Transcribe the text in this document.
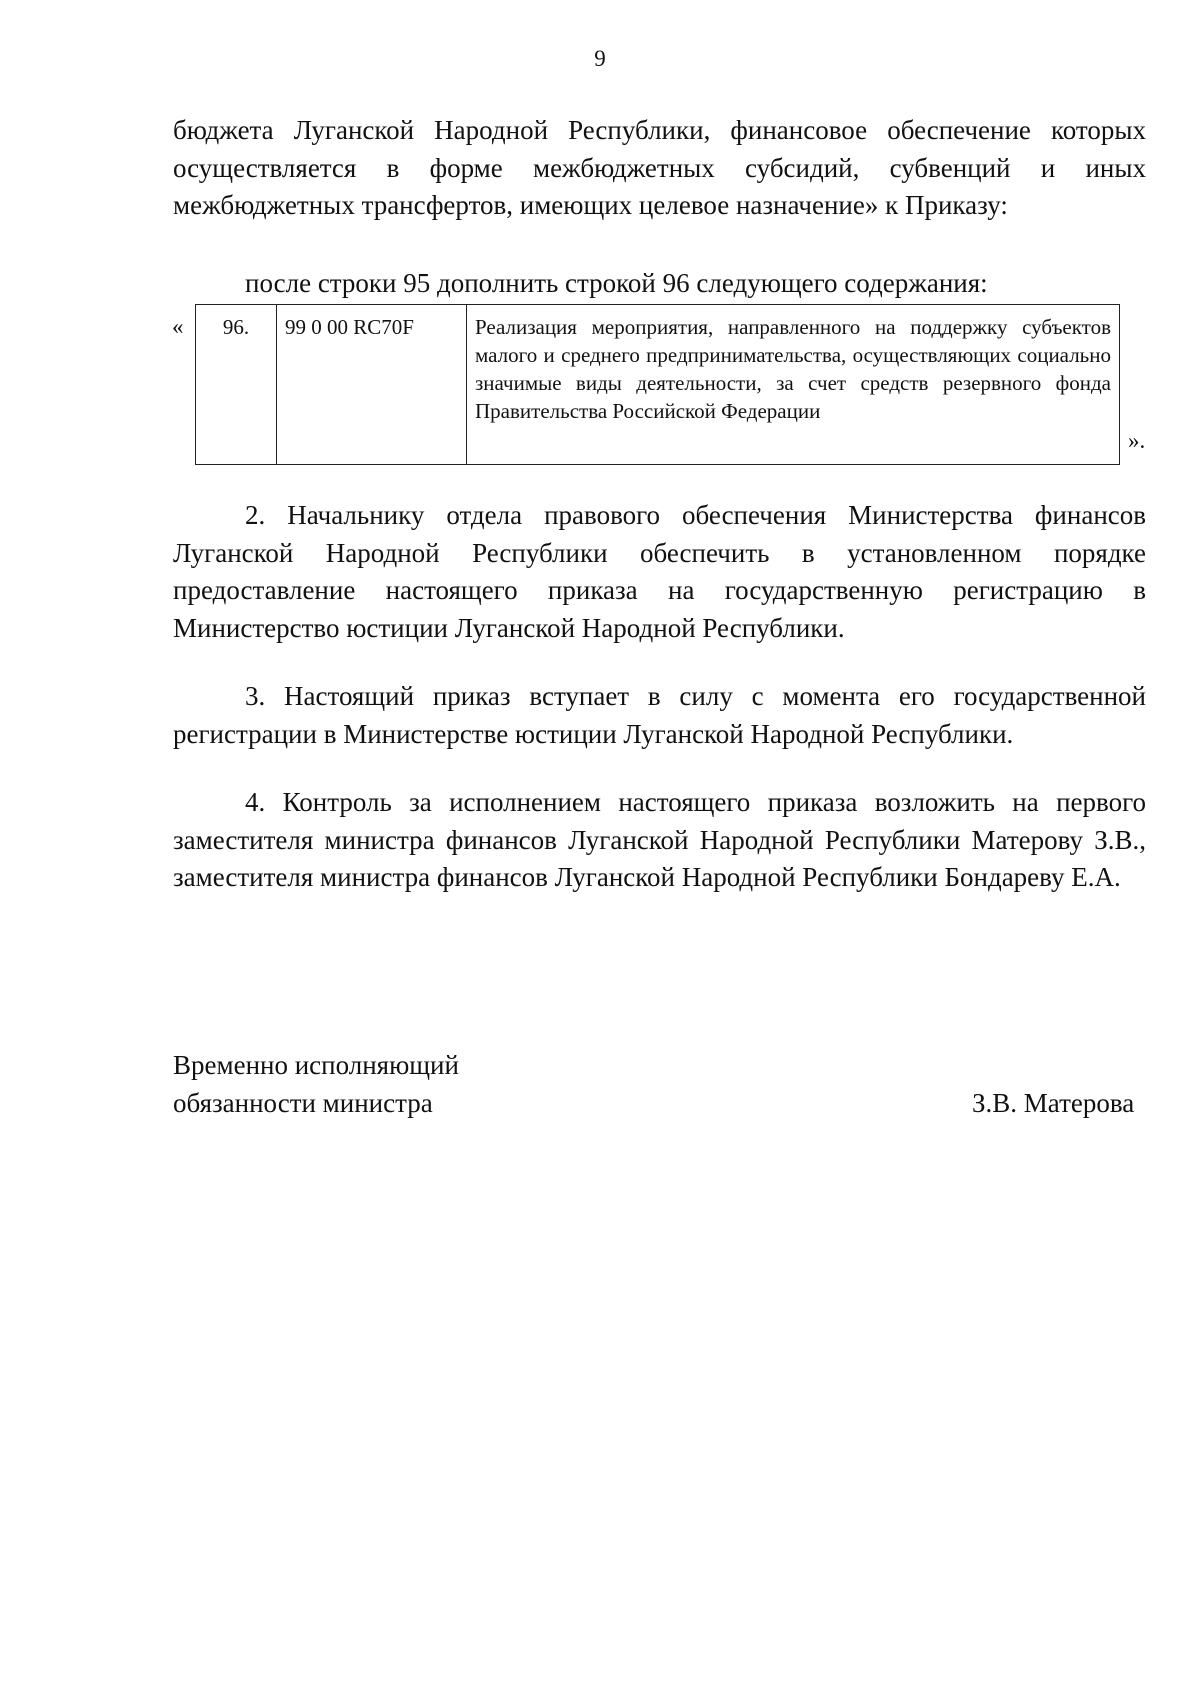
9
бюджета Луганской Народной Республики, финансовое обеспечение которых осуществляется в форме межбюджетных субсидий, субвенций и иных межбюджетных трансфертов, имеющих целевое назначение» к Приказу:
после строки 95 дополнить строкой 96 следующего содержания:
« 96.	99 0 00 RC70F	Реализация мероприятия, направленного на поддержку субъектов малого и среднего предпринимательства, осуществляющих социально значимые виды деятельности, за счет средств резервного фонда Правительства Российской Федерации
».
2. Начальнику отдела правового обеспечения Министерства финансов Луганской Народной Республики обеспечить в установленном порядке предоставление настоящего приказа на государственную регистрацию в Министерство юстиции Луганской Народной Республики.
3. Настоящий приказ вступает в силу с момента его государственной регистрации в Министерстве юстиции Луганской Народной Республики.
4. Контроль за исполнением настоящего приказа возложить на первого заместителя министра финансов Луганской Народной Республики Матерову З.В., заместителя министра финансов Луганской Народной Республики Бондареву Е.А.
Временно исполняющий
обязанности министра	З.В. Матерова
